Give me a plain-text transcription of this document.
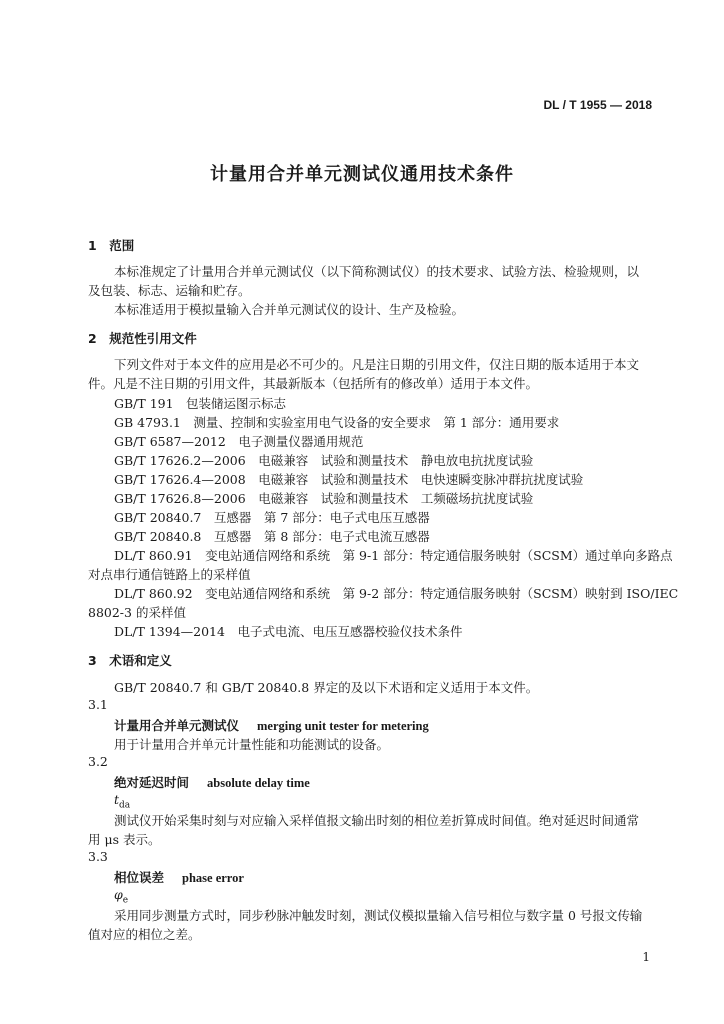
DL / T 1955 — 2018
计量用合并单元测试仪通用技术条件
1　范围
本标准规定了计量用合并单元测试仪（以下简称测试仪）的技术要求、试验方法、检验规则，以
及包装、标志、运输和贮存。
本标准适用于模拟量输入合并单元测试仪的设计、生产及检验。
2　规范性引用文件
下列文件对于本文件的应用是必不可少的。凡是注日期的引用文件，仅注日期的版本适用于本文
件。凡是不注日期的引用文件，其最新版本（包括所有的修改单）适用于本文件。
GB/T 191　包装储运图示标志
GB 4793.1　测量、控制和实验室用电气设备的安全要求　第 1 部分：通用要求
GB/T 6587—2012　电子测量仪器通用规范
GB/T 17626.2—2006　电磁兼容　试验和测量技术　静电放电抗扰度试验
GB/T 17626.4—2008　电磁兼容　试验和测量技术　电快速瞬变脉冲群抗扰度试验
GB/T 17626.8—2006　电磁兼容　试验和测量技术　工频磁场抗扰度试验
GB/T 20840.7　互感器　第 7 部分：电子式电压互感器
GB/T 20840.8　互感器　第 8 部分：电子式电流互感器
DL/T 860.91　变电站通信网络和系统　第 9-1 部分：特定通信服务映射（SCSM）通过单向多路点
对点串行通信链路上的采样值
DL/T 860.92　变电站通信网络和系统　第 9-2 部分：特定通信服务映射（SCSM）映射到 ISO/IEC
8802-3 的采样值
DL/T 1394—2014　电子式电流、电压互感器校验仪技术条件
3　术语和定义
GB/T 20840.7 和 GB/T 20840.8 界定的及以下术语和定义适用于本文件。
3.1
计量用合并单元测试仪 merging unit tester for metering
用于计量用合并单元计量性能和功能测试的设备。
3.2
绝对延迟时间 absolute delay time
$t_{da}$
测试仪开始采集时刻与对应输入采样值报文输出时刻的相位差折算成时间值。绝对延迟时间通常
用 μs 表示。
3.3
相位误差 phase error
$\varphi_e$
采用同步测量方式时，同步秒脉冲触发时刻，测试仪模拟量输入信号相位与数字量 0 号报文传输
值对应的相位之差。
1
